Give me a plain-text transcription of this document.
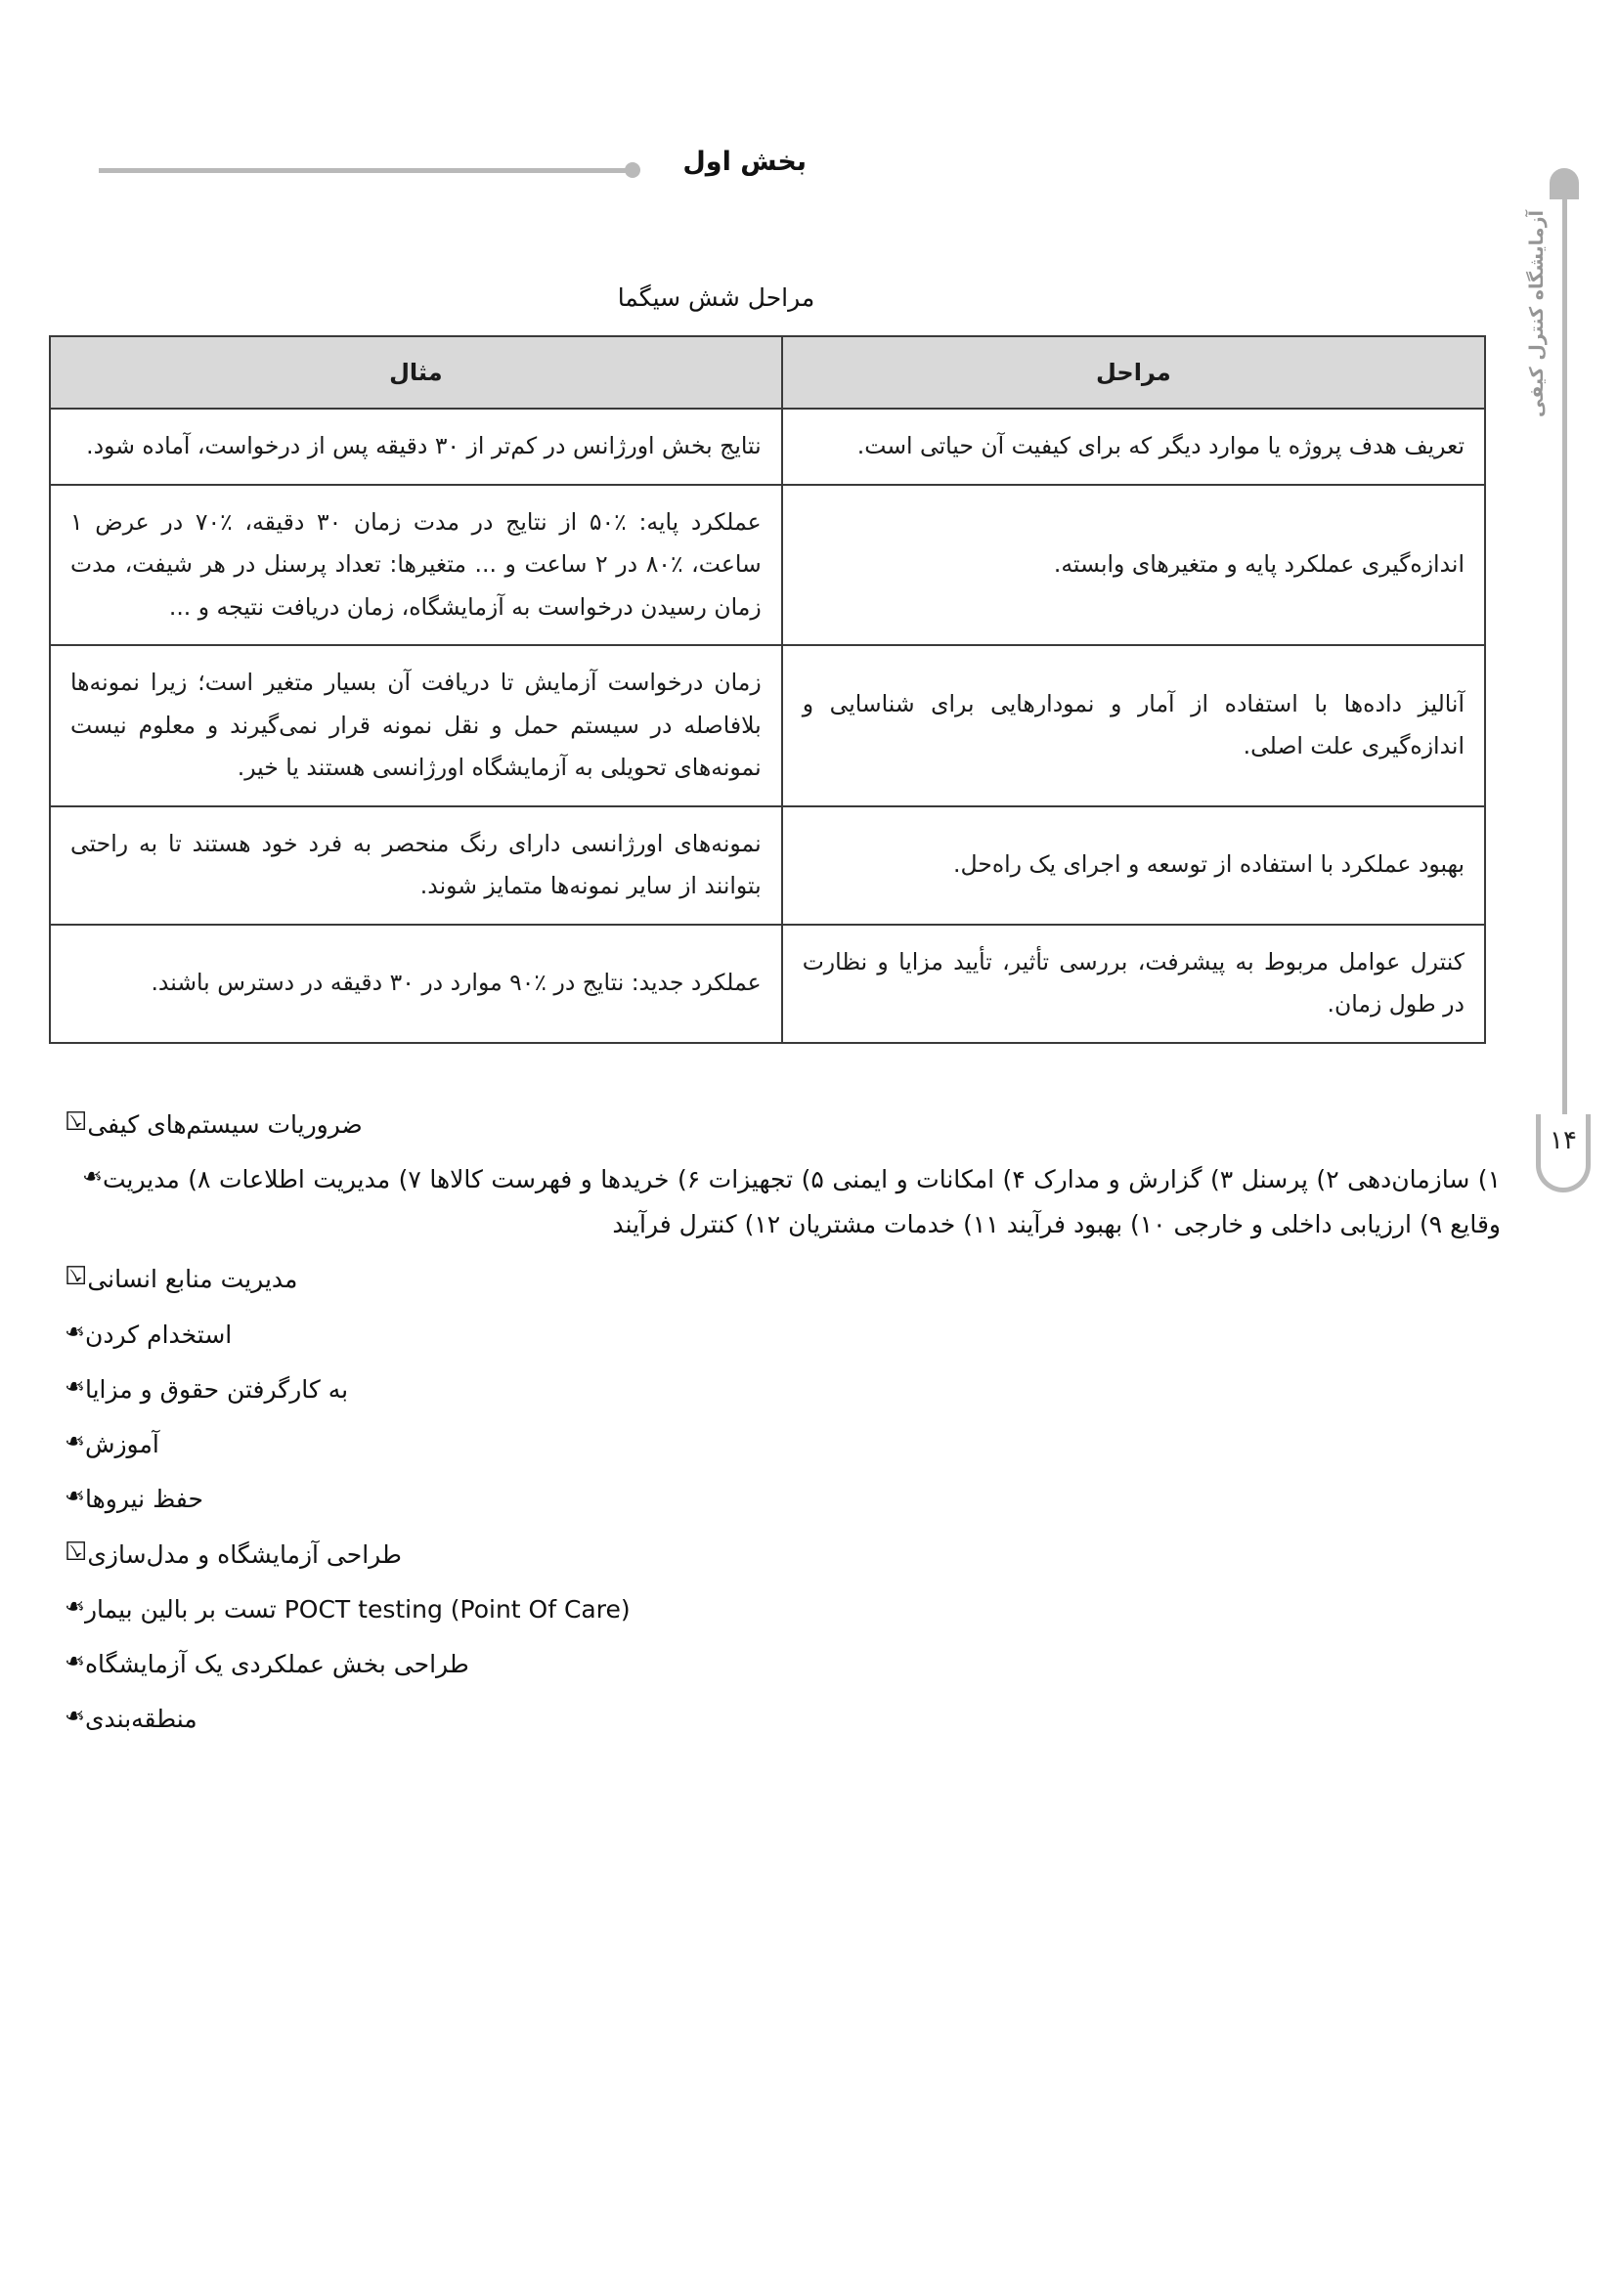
بخش اول
آزمایشگاه کنترل کیفی
۱۴
مراحل شش سیگما
مراحل	مثال
تعریف هدف پروژه یا موارد دیگر که برای کیفیت آن حیاتی است.	نتایج بخش اورژانس در کم‌تر از ۳۰ دقیقه پس از درخواست، آماده شود.
اندازه‌گیری عملکرد پایه و متغیرهای وابسته.	عملکرد پایه: ٪۵۰ از نتایج در مدت زمان ۳۰ دقیقه، ٪۷۰ در عرض ۱ ساعت، ٪۸۰ در ۲ ساعت و ... متغیرها: تعداد پرسنل در هر شیفت، مدت زمان رسیدن درخواست به آزمایشگاه، زمان دریافت نتیجه و ...
آنالیز داده‌ها با استفاده از آمار و نمودارهایی برای شناسایی و اندازه‌گیری علت اصلی.	زمان درخواست آزمایش تا دریافت آن بسیار متغیر است؛ زیرا نمونه‌ها بلافاصله در سیستم حمل و نقل نمونه قرار نمی‌گیرند و معلوم نیست نمونه‌های تحویلی به آزمایشگاه اورژانسی هستند یا خیر.
بهبود عملکرد با استفاده از توسعه و اجرای یک راه‌حل.	نمونه‌های اورژانسی دارای رنگ منحصر به فرد خود هستند تا به راحتی بتوانند از سایر نمونه‌ها متمایز شوند.
کنترل عوامل مربوط به پیشرفت، بررسی تأثیر، تأیید مزایا و نظارت در طول زمان.	عملکرد جدید: نتایج در ٪۹۰ موارد در ۳۰ دقیقه در دسترس باشند.
☑ ضروریات سیستم‌های کیفی
❧ ۱) سازمان‌دهی ۲) پرسنل ۳) گزارش و مدارک ۴) امکانات و ایمنی ۵) تجهیزات ۶) خریدها و فهرست کالاها ۷) مدیریت اطلاعات ۸) مدیریت وقایع ۹) ارزیابی داخلی و خارجی ۱۰) بهبود فرآیند ۱۱) خدمات مشتریان ۱۲) کنترل فرآیند
☑ مدیریت منابع انسانی
❧ استخدام کردن
❧ به کارگرفتن حقوق و مزایا
❧ آموزش
❧ حفظ نیروها
☑ طراحی آزمایشگاه و مدل‌سازی
❧ POCT testing (Point Of Care) تست بر بالین بیمار
❧ طراحی بخش عملکردی یک آزمایشگاه
❧ منطقه‌بندی
